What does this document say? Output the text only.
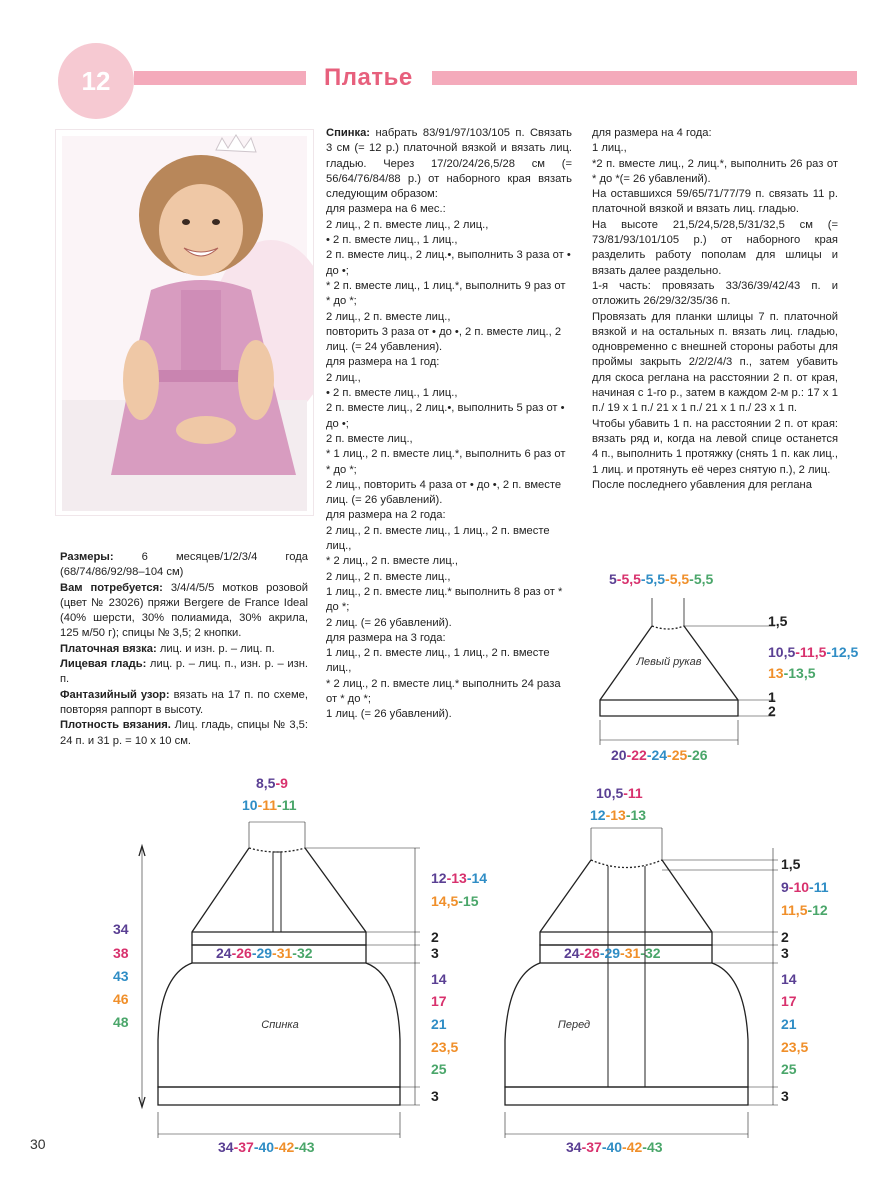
12	Платье

Размеры: 6 месяцев/1/2/3/4 года (68/74/86/92/98–104 см)

Вам потребуется: 3/4/4/5/5 мотков розовой (цвет № 23026) пряжи Bergere de France Ideal (40% шерсти, 30% полиамида, 30% акрила, 125 м/50 г); спицы № 3,5; 2 кнопки.

Платочная вязка: лиц. и изн. р. – лиц. п.

Лицевая гладь: лиц. р. – лиц. п., изн. р. – изн. п.

Фантазийный узор: вязать на 17 п. по схеме, повторяя раппорт в высоту.

Плотность вязания. Лиц. гладь, спицы № 3,5: 24 п. и 31 р. = 10 х 10 см.

Спинка: набрать 83/91/97/103/105 п. Связать 3 см (= 12 р.) платочной вязкой и вязать лиц. гладью. Через 17/20/24/26,5/28 см (= 56/64/76/84/88 р.) от наборного края вязать следующим образом:

для размера на 6 мес.:

2 лиц., 2 п. вместе лиц., 2 лиц.,

• 2 п. вместе лиц., 1 лиц.,

2 п. вместе лиц., 2 лиц.•, выполнить 3 раза от • до •;

* 2 п. вместе лиц., 1 лиц.*, выполнить 9 раз от * до *;

2 лиц., 2 п. вместе лиц.,

повторить 3 раза от • до •, 2 п. вместе лиц., 2 лиц. (= 24 убавления).

для размера на 1 год:

2 лиц.,

• 2 п. вместе лиц., 1 лиц.,

2 п. вместе лиц., 2 лиц.•, выполнить 5 раз от • до •;

2 п. вместе лиц.,

* 1 лиц., 2 п. вместе лиц.*, выполнить 6 раз от * до *;

2 лиц., повторить 4 раза от • до •, 2 п. вместе лиц. (= 26 убавлений).

для размера на 2 года:

2 лиц., 2 п. вместе лиц., 1 лиц., 2 п. вместе лиц.,

* 2 лиц., 2 п. вместе лиц.,

2 лиц., 2 п. вместе лиц.,

1 лиц., 2 п. вместе лиц.* выполнить 8 раз от * до *;

2 лиц. (= 26 убавлений).

для размера на 3 года:

1 лиц., 2 п. вместе лиц., 1 лиц., 2 п. вместе лиц.,

* 2 лиц., 2 п. вместе лиц.* выполнить 24 раза от * до *;

1 лиц. (= 26 убавлений).

для размера на 4 года:

1 лиц.,

*2 п. вместе лиц., 2 лиц.*, выполнить 26 раз от * до *(= 26 убавлений).

На оставшихся 59/65/71/77/79 п. связать 11 р. платочной вязкой и вязать лиц. гладью.

На высоте 21,5/24,5/28,5/31/32,5 см (= 73/81/93/101/105 р.) от наборного края разделить работу пополам для шлицы и вязать далее раздельно.

1-я часть: провязать 33/36/39/42/43 п. и отложить 26/29/32/35/36 п.

Провязать для планки шлицы 7 п. платочной вязкой и на остальных п. вязать лиц. гладью, одновременно с внешней стороны работы для проймы закрыть 2/2/2/4/3 п., затем убавить для скоса реглана на расстоянии 2 п. от края, начиная с 1-го р., затем в каждом 2-м р.: 17 х 1 п./ 19 х 1 п./ 21 х 1 п./ 21 х 1 п./ 23 х 1 п.

Чтобы убавить 1 п. на расстоянии 2 п. от края: вязать ряд и, когда на левой спице останется 4 п., выполнить 1 протяжку (снять 1 п. как лиц., 1 лиц. и протянуть её через снятую п.), 2 лиц.

После последнего убавления для реглана

Левый рукав
5-5,5-5,5-5,5-5,5
1,5
10,5-11,5-12,5
13-13,5
1
2
20-22-24-25-26
Спинка
8,5-9
10-11-11
24-26-29-31-32
34
38
43
46
48
12-13-14
14,5-15
2
3
14
17
21
23,5
25
3
34-37-40-42-43
Перед
10,5-11
12-13-13
24-26-29-31-32
1,5
9-10-11
11,5-12
2
3
14
17
21
23,5
25
3
34-37-40-42-43
30
